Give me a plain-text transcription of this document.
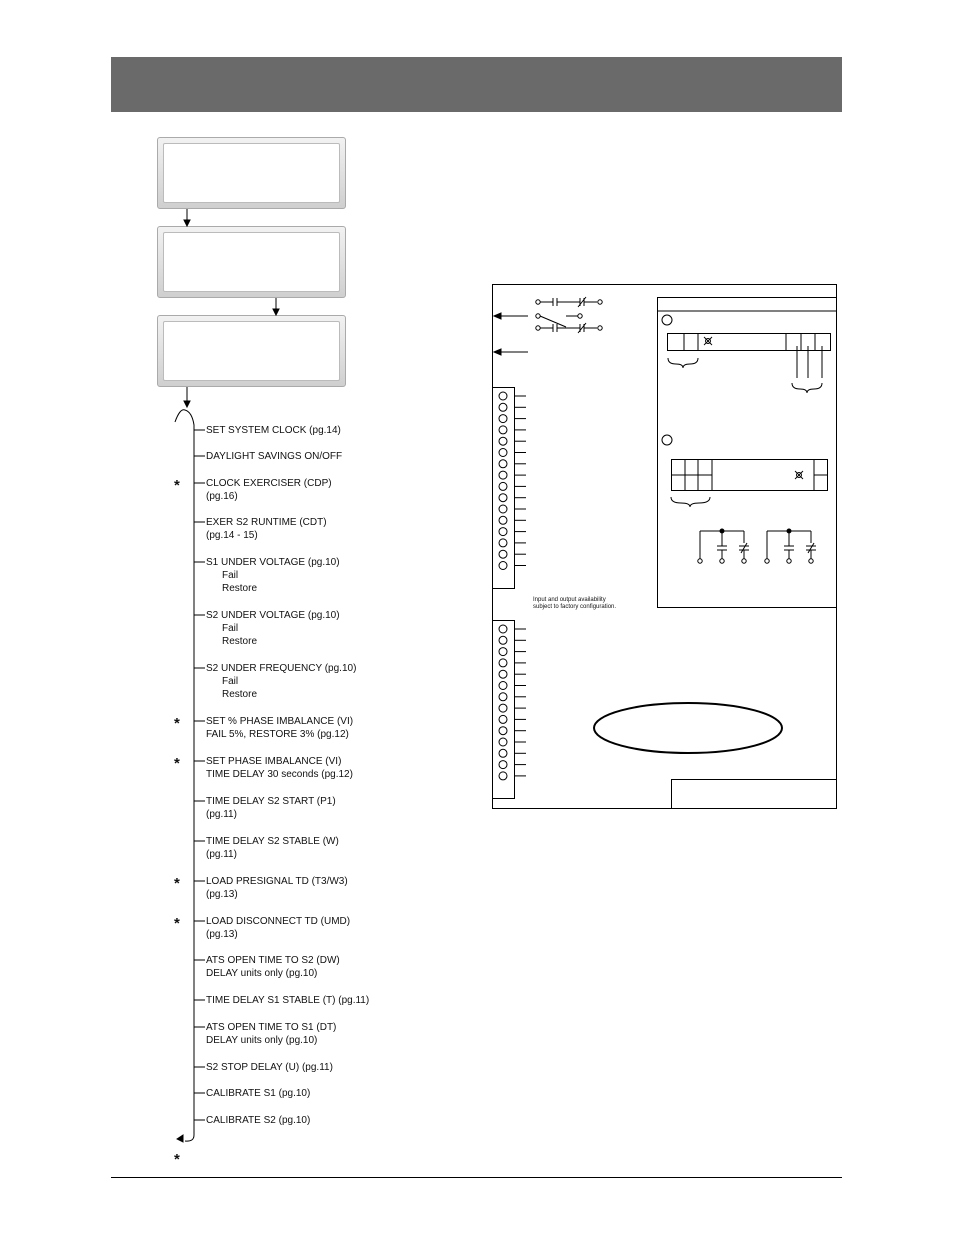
SET SYSTEM CLOCK (pg.14)
DAYLIGHT SAVINGS ON/OFF
CLOCK EXERCISER (CDP)
(pg.16)
*
EXER S2 RUNTIME (CDT)
(pg.14 - 15)
S1 UNDER VOLTAGE (pg.10)
Fail
Restore
S2 UNDER VOLTAGE (pg.10)
Fail
Restore
S2 UNDER FREQUENCY (pg.10)
Fail
Restore
SET % PHASE IMBALANCE (VI)
FAIL 5%, RESTORE 3% (pg.12)
*
SET PHASE IMBALANCE (VI)
TIME DELAY 30 seconds (pg.12)
*
TIME DELAY S2 START (P1)
(pg.11)
TIME DELAY S2 STABLE (W)
(pg.11)
LOAD PRESIGNAL TD (T3/W3)
(pg.13)
*
LOAD DISCONNECT TD (UMD)
(pg.13)
*
ATS OPEN TIME TO S2 (DW)
DELAY units only (pg.10)
TIME DELAY S1 STABLE (T) (pg.11)
ATS OPEN TIME TO S1 (DT)
DELAY units only (pg.10)
S2 STOP DELAY (U) (pg.11)
CALIBRATE S1 (pg.10)
CALIBRATE S2 (pg.10)
*
Input and output availability
subject to factory configuration.
